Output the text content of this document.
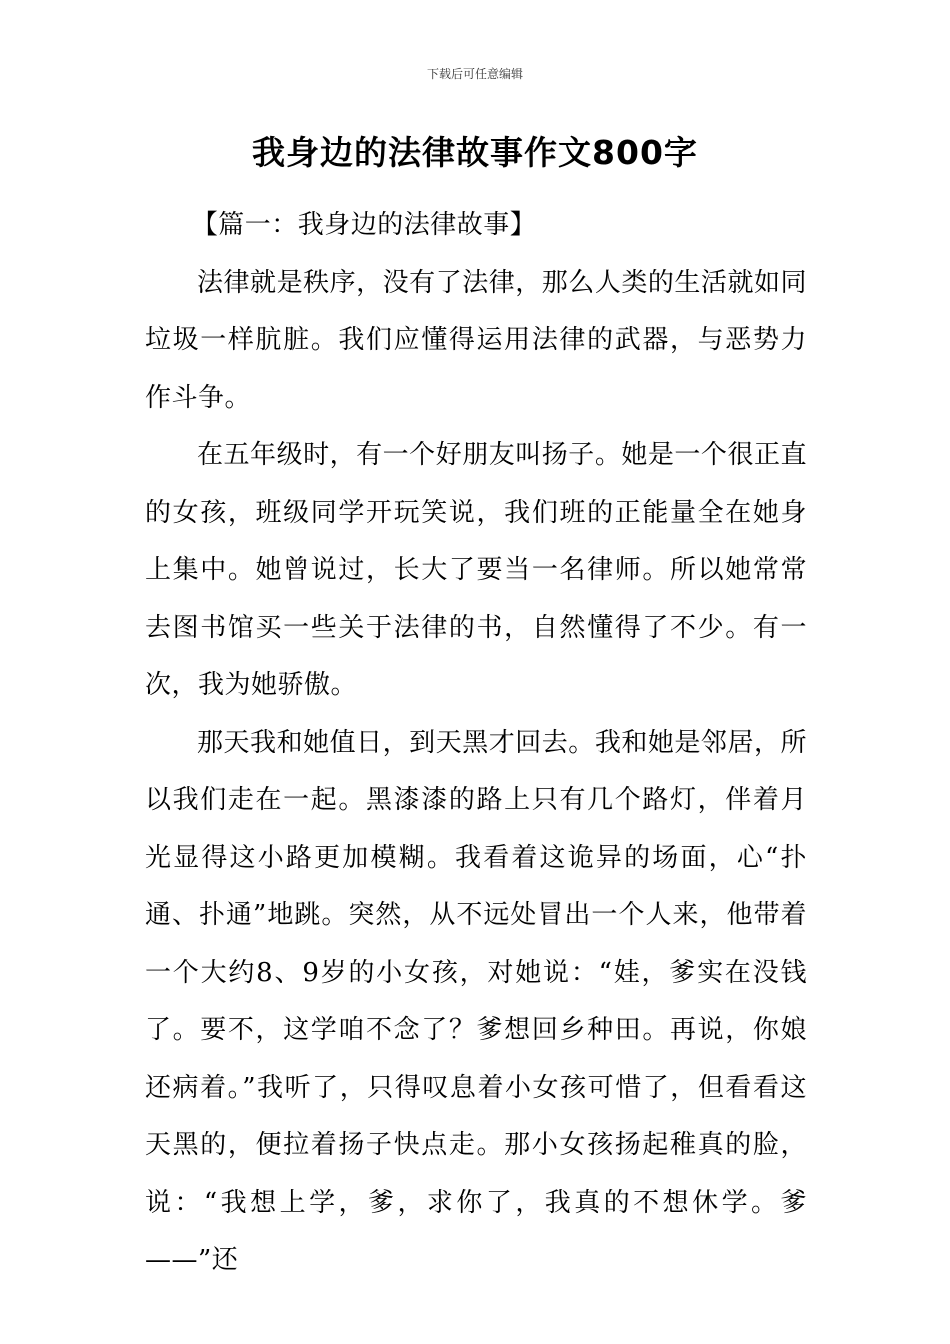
下载后可任意编辑
我身边的法律故事作文800字

【篇一：我身边的法律故事】

法律就是秩序，没有了法律，那么人类的生活就如同垃圾一样肮脏。我们应懂得运用法律的武器，与恶势力作斗争。

在五年级时，有一个好朋友叫扬子。她是一个很正直的女孩，班级同学开玩笑说，我们班的正能量全在她身上集中。她曾说过，长大了要当一名律师。所以她常常去图书馆买一些关于法律的书，自然懂得了不少。有一次，我为她骄傲。

那天我和她值日，到天黑才回去。我和她是邻居，所以我们走在一起。黑漆漆的路上只有几个路灯，伴着月光显得这小路更加模糊。我看着这诡异的场面，心“扑通、扑通”地跳。突然，从不远处冒出一个人来，他带着一个大约8、9岁的小女孩，对她说：“娃，爹实在没钱了。要不，这学咱不念了？爹想回乡种田。再说，你娘还病着。”我听了，只得叹息着小女孩可惜了，但看看这天黑的，便拉着扬子快点走。那小女孩扬起稚真的脸，说：“我想上学，爹，求你了，我真的不想休学。爹——”还
